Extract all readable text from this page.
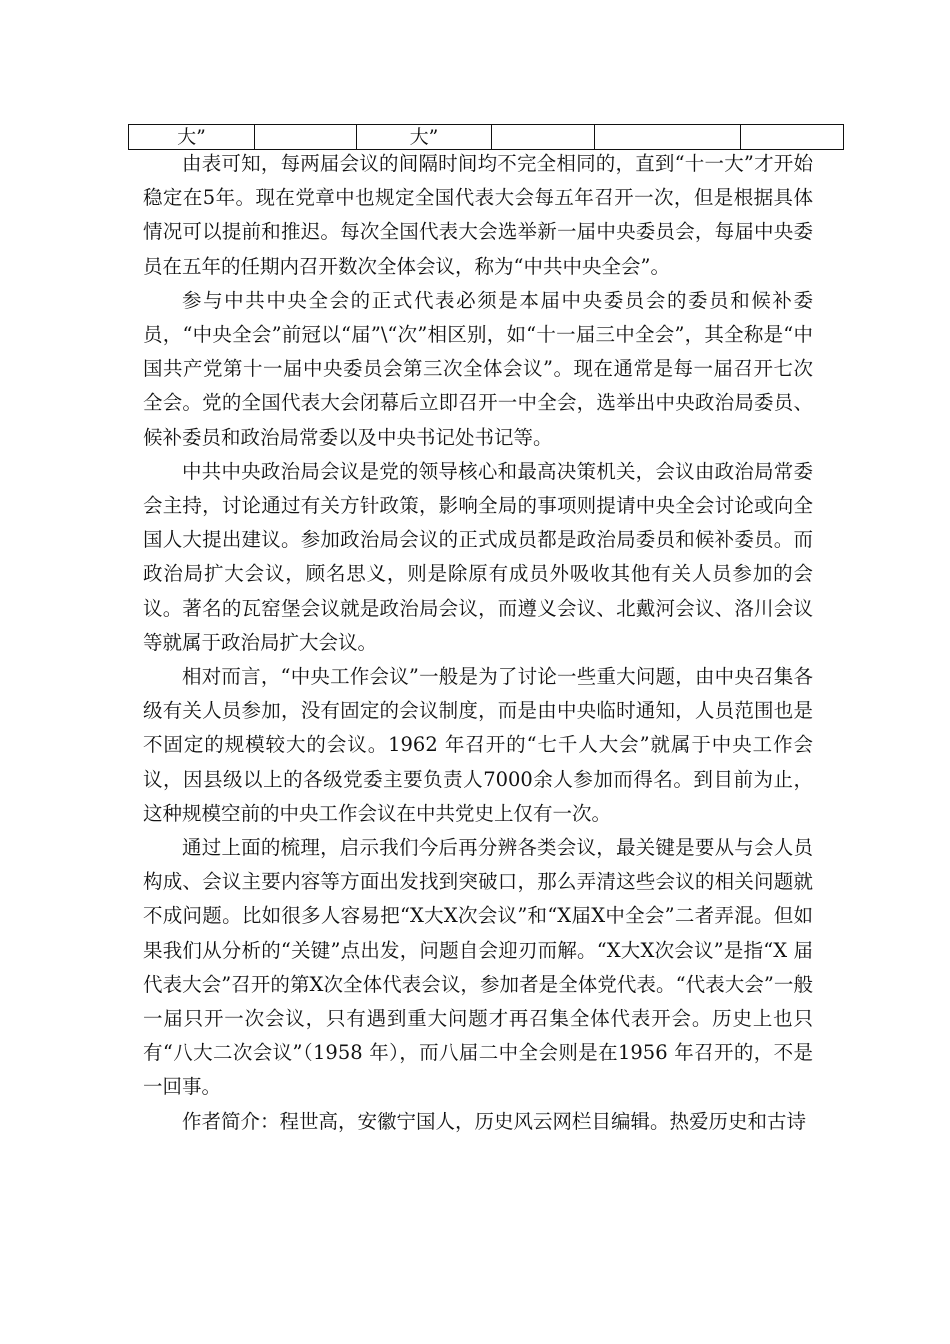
大”		大”			

由表可知，每两届会议的间隔时间均不完全相同的，直到“十一大”才开始稳定在5年。现在党章中也规定全国代表大会每五年召开一次，但是根据具体情况可以提前和推迟。每次全国代表大会选举新一届中央委员会，每届中央委员在五年的任期内召开数次全体会议，称为“中共中央全会”。

参与中共中央全会的正式代表必须是本届中央委员会的委员和候补委员，“中央全会”前冠以“届”\“次”相区别，如“十一届三中全会”，其全称是“中国共产党第十一届中央委员会第三次全体会议”。现在通常是每一届召开七次全会。党的全国代表大会闭幕后立即召开一中全会，选举出中央政治局委员、候补委员和政治局常委以及中央书记处书记等。

中共中央政治局会议是党的领导核心和最高决策机关，会议由政治局常委会主持，讨论通过有关方针政策，影响全局的事项则提请中央全会讨论或向全国人大提出建议。参加政治局会议的正式成员都是政治局委员和候补委员。而政治局扩大会议，顾名思义，则是除原有成员外吸收其他有关人员参加的会议。著名的瓦窑堡会议就是政治局会议，而遵义会议、北戴河会议、洛川会议等就属于政治局扩大会议。

相对而言，“中央工作会议”一般是为了讨论一些重大问题，由中央召集各级有关人员参加，没有固定的会议制度，而是由中央临时通知，人员范围也是不固定的规模较大的会议。1962 年召开的“七千人大会”就属于中央工作会议，因县级以上的各级党委主要负责人7000余人参加而得名。到目前为止，这种规模空前的中央工作会议在中共党史上仅有一次。

通过上面的梳理，启示我们今后再分辨各类会议，最关键是要从与会人员构成、会议主要内容等方面出发找到突破口，那么弄清这些会议的相关问题就不成问题。比如很多人容易把“X大X次会议”和“X届X中全会”二者弄混。但如果我们从分析的“关键”点出发，问题自会迎刃而解。“X大X次会议”是指“X 届代表大会”召开的第X次全体代表会议，参加者是全体党代表。“代表大会”一般一届只开一次会议，只有遇到重大问题才再召集全体代表开会。历史上也只有“八大二次会议”（1958 年），而八届二中全会则是在1956 年召开的，不是一回事。

作者简介：程世高，安徽宁国人，历史风云网栏目编辑。热爱历史和古诗
